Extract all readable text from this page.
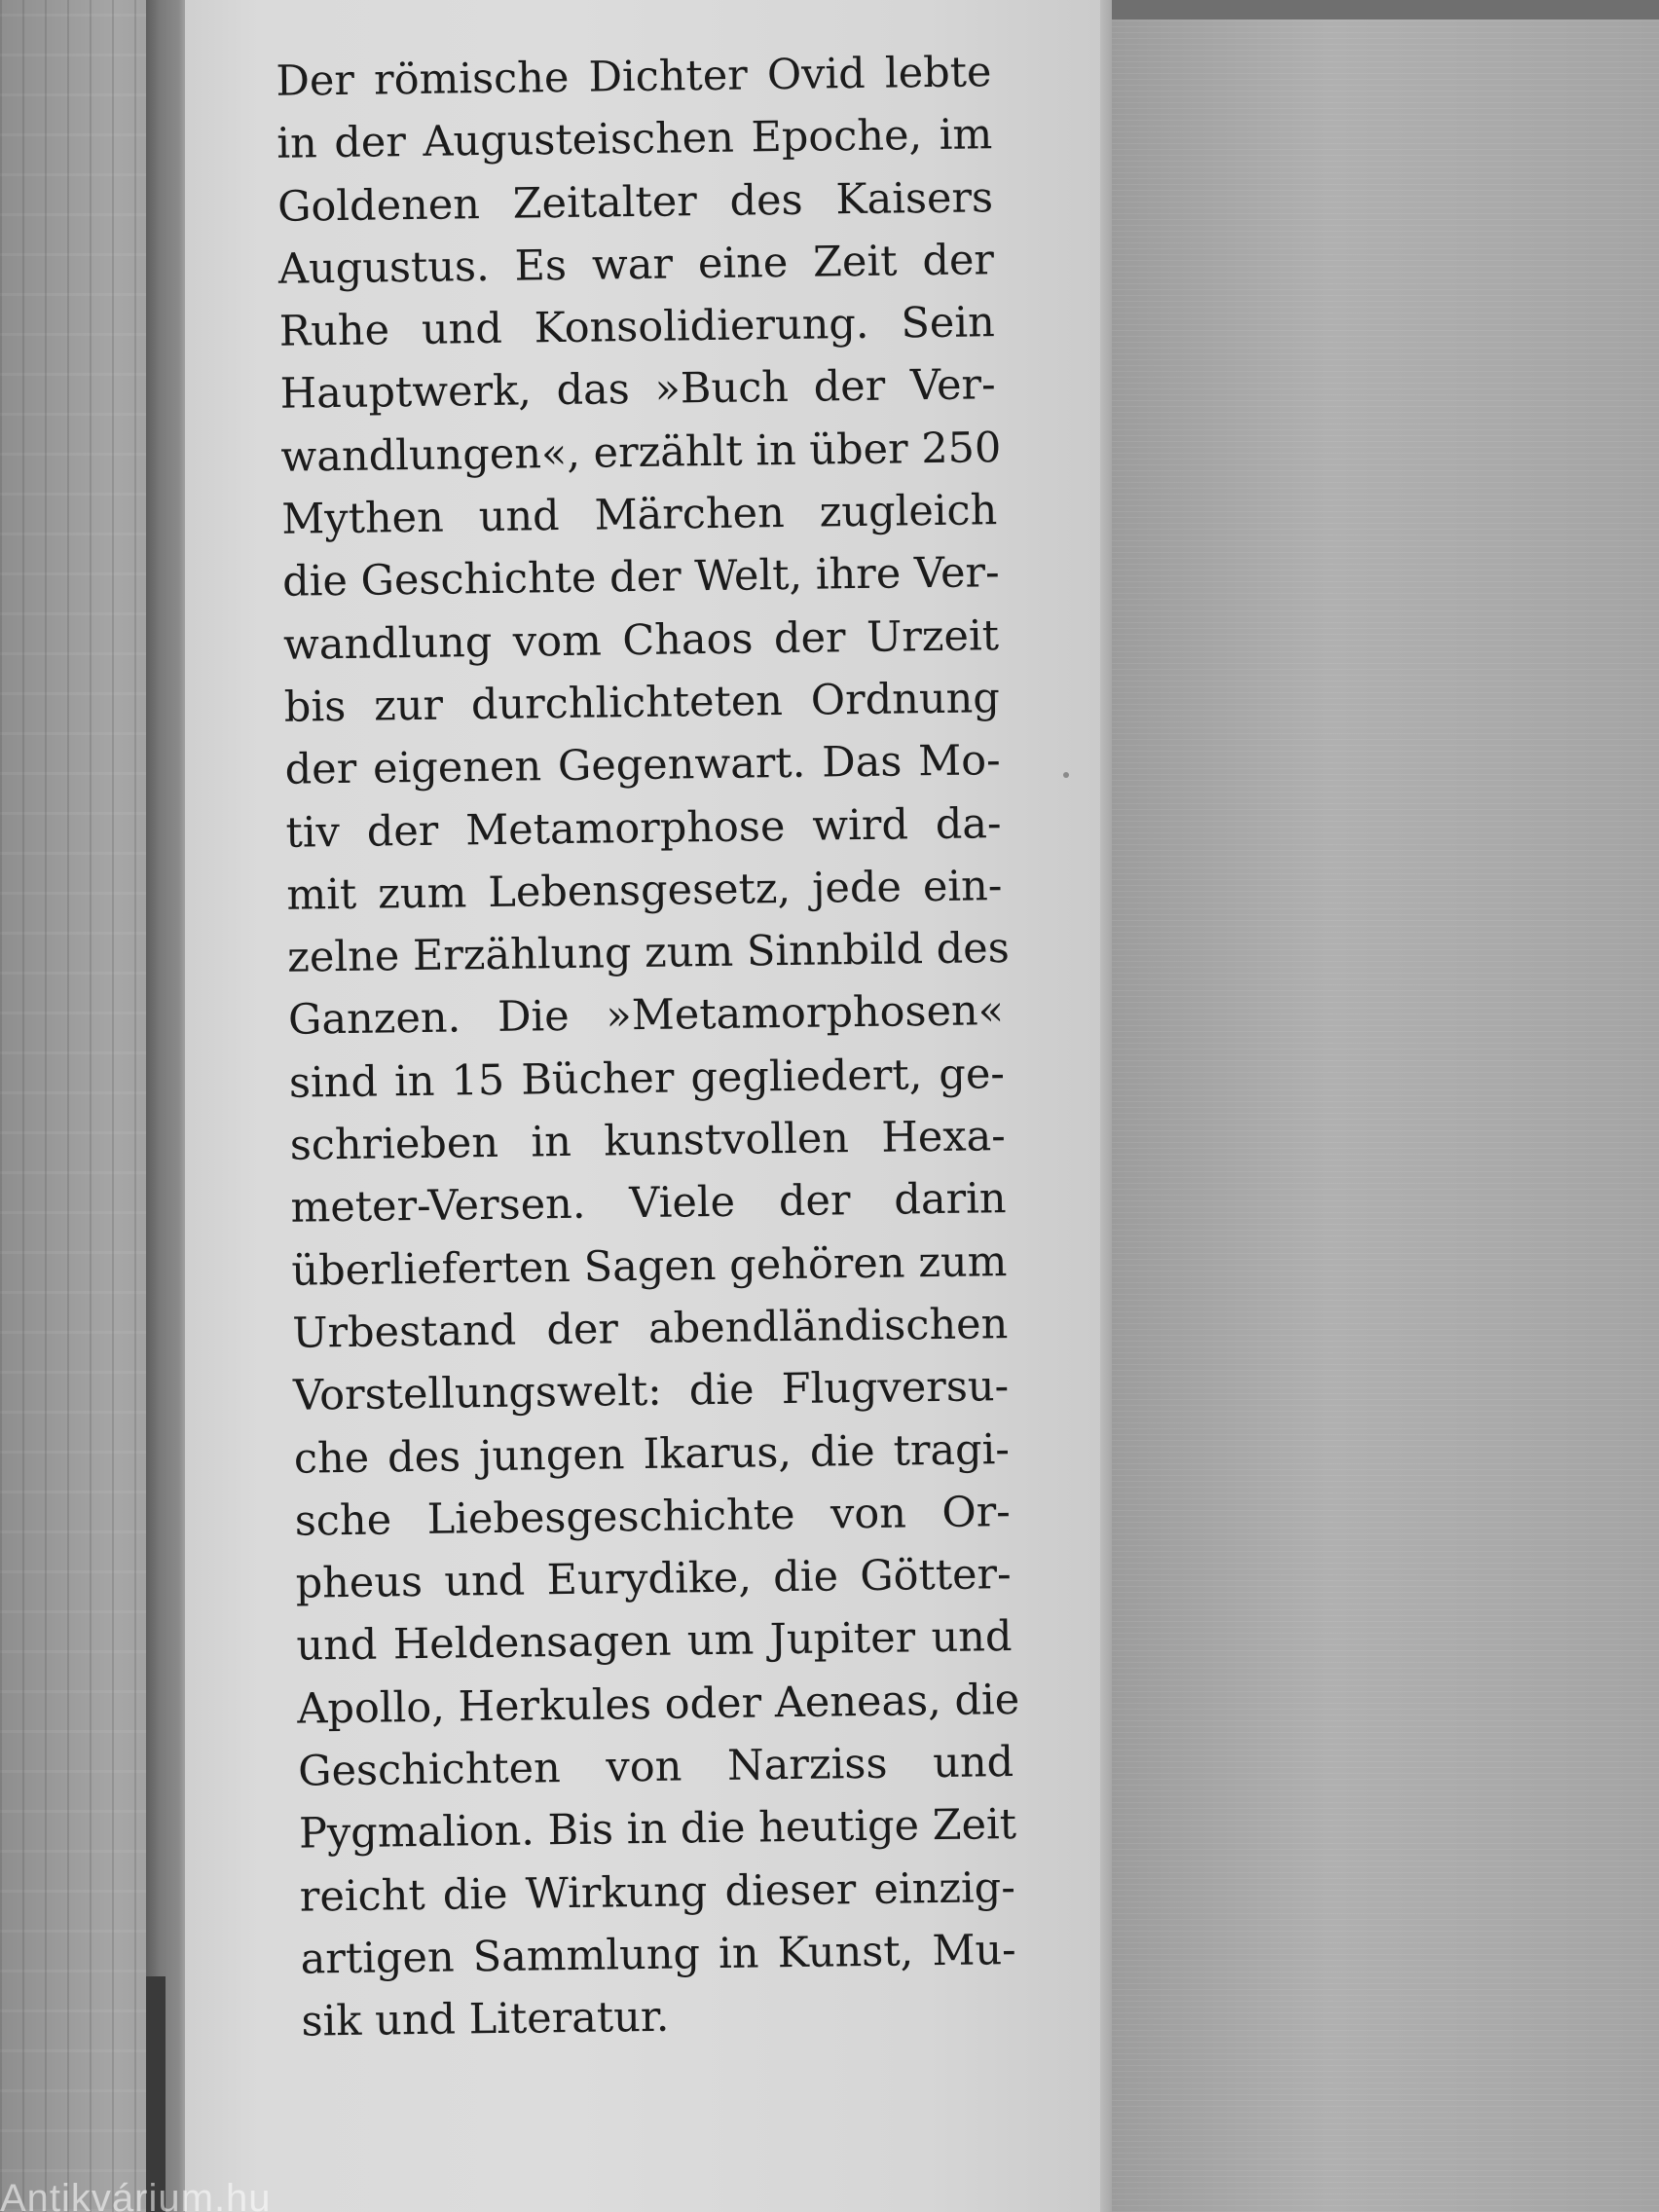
Der römische Dichter Ovid lebte
in der Augusteischen Epoche, im
Goldenen Zeitalter des Kaisers
Augustus. Es war eine Zeit der
Ruhe und Konsolidierung. Sein
Hauptwerk, das »Buch der Ver-
wandlungen«, erzählt in über 250
Mythen und Märchen zugleich
die Geschichte der Welt, ihre Ver-
wandlung vom Chaos der Urzeit
bis zur durchlichteten Ordnung
der eigenen Gegenwart. Das Mo-
tiv der Metamorphose wird da-
mit zum Lebensgesetz, jede ein-
zelne Erzählung zum Sinnbild des
Ganzen. Die »Metamorphosen«
sind in 15 Bücher gegliedert, ge-
schrieben in kunstvollen Hexa-
meter-Versen. Viele der darin
überlieferten Sagen gehören zum
Urbestand der abendländischen
Vorstellungswelt: die Flugversu-
che des jungen Ikarus, die tragi-
sche Liebesgeschichte von Or-
pheus und Eurydike, die Götter-
und Heldensagen um Jupiter und
Apollo, Herkules oder Aeneas, die
Geschichten von Narziss und
Pygmalion. Bis in die heutige Zeit
reicht die Wirkung dieser einzig-
artigen Sammlung in Kunst, Mu-
sik und Literatur.
Antikvárium.hu
